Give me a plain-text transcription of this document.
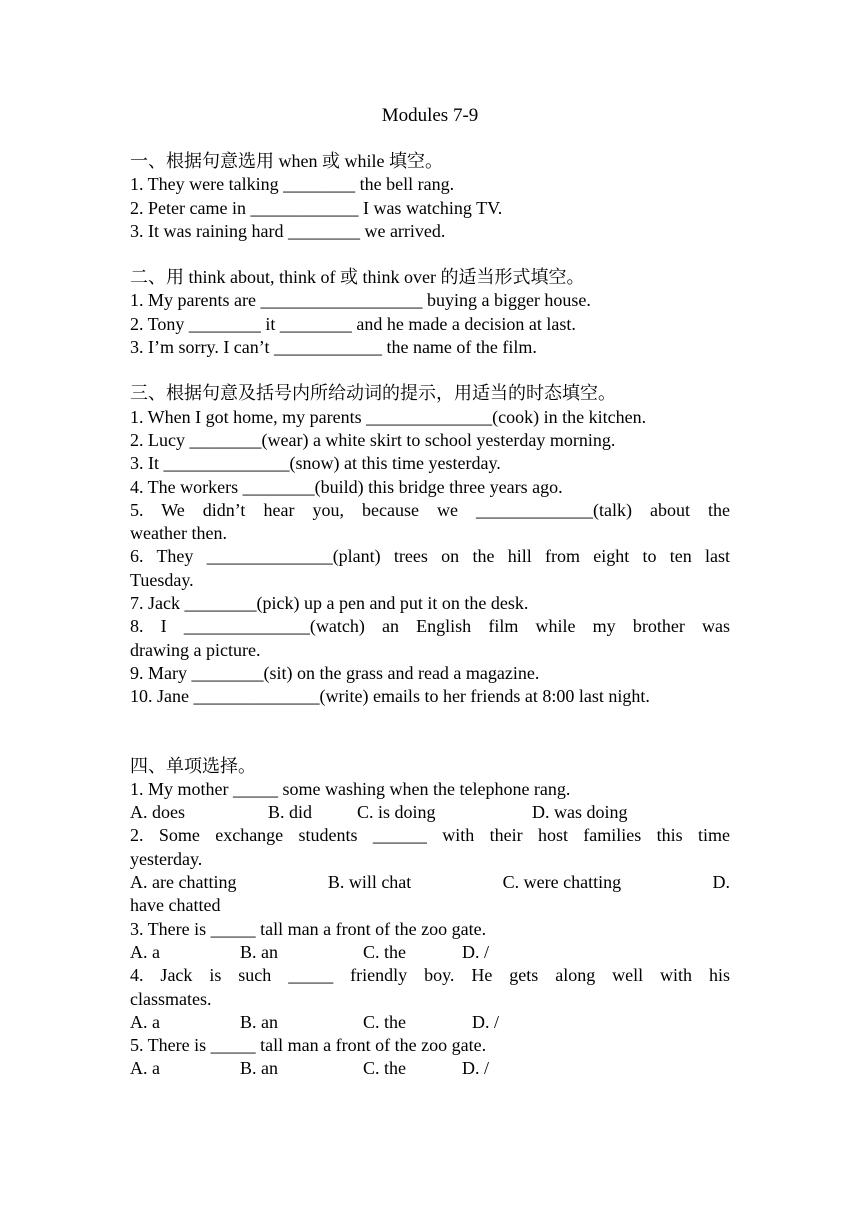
Modules 7-9

一、根据句意选用 when 或 while 填空。

1. They were talking ________ the bell rang.

2. Peter came in ____________ I was watching TV.

3. It was raining hard ________ we arrived.

二、用 think about, think of 或 think over 的适当形式填空。

1. My parents are __________________ buying a bigger house.

2. Tony ________ it ________ and he made a decision at last.

3. I’m sorry. I can’t ____________ the name of the film.

三、根据句意及括号内所给动词的提示，用适当的时态填空。

1. When I got home, my parents ______________(cook) in the kitchen.

2. Lucy ________(wear) a white skirt to school yesterday morning.

3. It ______________(snow) at this time yesterday.

4. The workers ________(build) this bridge three years ago.

5. We didn’t hear you, because we _____________(talk) about the

weather then.

6. They ______________(plant) trees on the hill from eight to ten last

Tuesday.

7. Jack ________(pick) up a pen and put it on the desk.

8. I ______________(watch) an English film while my brother was

drawing a picture.

9. Mary ________(sit) on the grass and read a magazine.

10. Jane ______________(write) emails to her friends at 8:00 last night.

四、单项选择。

1. My mother _____ some washing when the telephone rang.

A. does	B. did	C. is doing	D. was doing

2. Some exchange students ______ with their host families this time

yesterday.

A. are chatting	B. will chat	C. were chatting	D.

have chatted

3. There is _____ tall man a front of the zoo gate.

A. a	B. an	C. the	D. /

4. Jack is such _____ friendly boy. He gets along well with his

classmates.

A. a	B. an	C. the	D. /

5. There is _____ tall man a front of the zoo gate.

A. a	B. an	C. the	D. /
